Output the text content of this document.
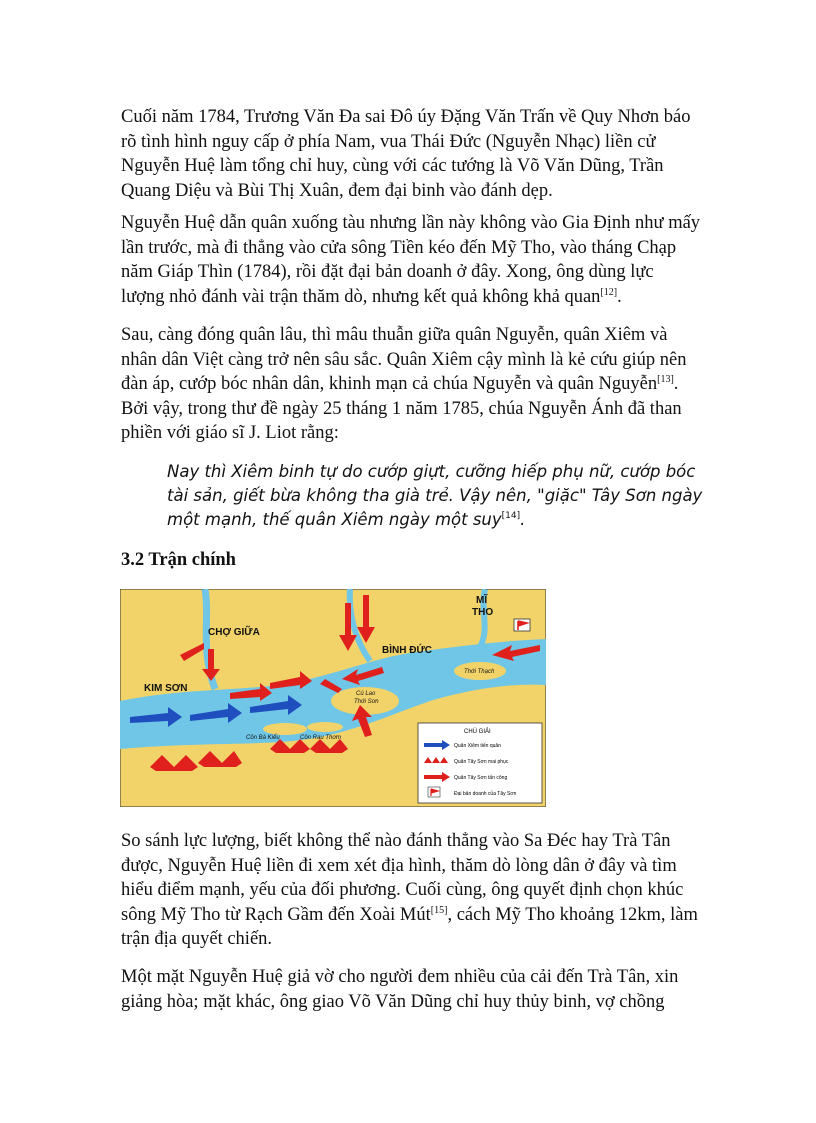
Cuối năm 1784, Trương Văn Đa sai Đô úy Đặng Văn Trấn về Quy Nhơn báo rõ tình hình nguy cấp ở phía Nam, vua Thái Đức (Nguyễn Nhạc) liền cử Nguyễn Huệ làm tổng chỉ huy, cùng với các tướng là Võ Văn Dũng, Trần Quang Diệu và Bùi Thị Xuân, đem đại binh vào đánh dẹp.

Nguyễn Huệ dẫn quân xuống tàu nhưng lần này không vào Gia Định như mấy lần trước, mà đi thẳng vào cửa sông Tiền kéo đến Mỹ Tho, vào tháng Chạp năm Giáp Thìn (1784), rồi đặt đại bản doanh ở đây. Xong, ông dùng lực lượng nhỏ đánh vài trận thăm dò, nhưng kết quả không khả quan[12].

Sau, càng đóng quân lâu, thì mâu thuẫn giữa quân Nguyễn, quân Xiêm và nhân dân Việt càng trở nên sâu sắc. Quân Xiêm cậy mình là kẻ cứu giúp nên đàn áp, cướp bóc nhân dân, khinh mạn cả chúa Nguyễn và quân Nguyễn[13]. Bởi vậy, trong thư đề ngày 25 tháng 1 năm 1785, chúa Nguyễn Ánh đã than phiền với giáo sĩ J. Liot rằng:

Nay thì Xiêm binh tự do cướp giựt, cưỡng hiếp phụ nữ, cướp bóc tài sản, giết bừa không tha già trẻ. Vậy nên, "giặc" Tây Sơn ngày một mạnh, thế quân Xiêm ngày một suy[14].

3.2 Trận chính
MĨ
THO
CHỢ GIỮA
BÌNH ĐỨC
KIM SƠN
Thới Thạch
Cù Lao
Thới Sơn
Cồn Bà Kiểu	Cồn Rau Thơm
CHÚ GIẢI
Quân Xiêm tiến quân
Quân Tây Sơn mai phục
Quân Tây Sơn tấn công
Đại bản doanh của Tây Sơn

So sánh lực lượng, biết không thể nào đánh thẳng vào Sa Đéc hay Trà Tân được, Nguyễn Huệ liền đi xem xét địa hình, thăm dò lòng dân ở đây và tìm hiểu điểm mạnh, yếu của đối phương. Cuối cùng, ông quyết định chọn khúc sông Mỹ Tho từ Rạch Gầm đến Xoài Mút[15], cách Mỹ Tho khoảng 12km, làm trận địa quyết chiến.

Một mặt Nguyễn Huệ giả vờ cho người đem nhiều của cải đến Trà Tân, xin giảng hòa; mặt khác, ông giao Võ Văn Dũng chỉ huy thủy binh, vợ chồng
